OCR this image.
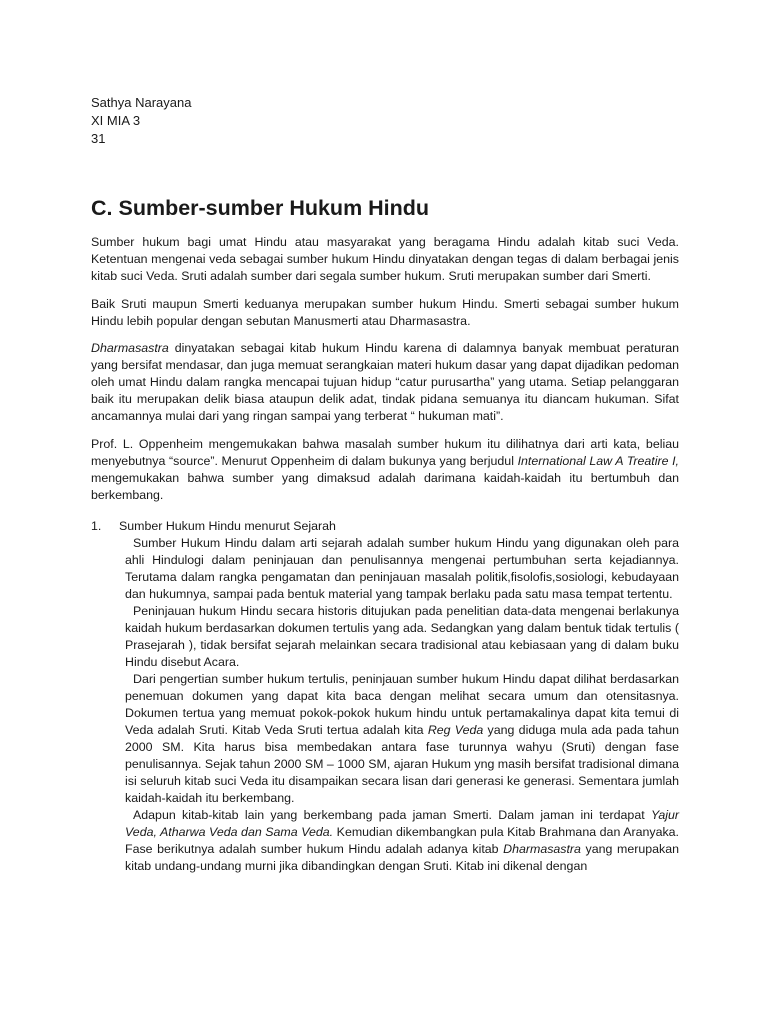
Sathya Narayana

XI MIA 3

31

C. Sumber-sumber Hukum Hindu

Sumber hukum bagi umat Hindu atau masyarakat yang beragama Hindu adalah kitab suci Veda. Ketentuan mengenai veda sebagai sumber hukum Hindu dinyatakan dengan tegas di dalam berbagai jenis kitab suci Veda. Sruti adalah sumber dari segala sumber hukum. Sruti merupakan sumber dari Smerti.

Baik Sruti maupun Smerti keduanya merupakan sumber hukum Hindu. Smerti sebagai sumber hukum Hindu lebih popular dengan sebutan Manusmerti atau Dharmasastra.

Dharmasastra dinyatakan sebagai kitab hukum Hindu karena di dalamnya banyak membuat peraturan yang bersifat mendasar, dan juga memuat serangkaian materi hukum dasar yang dapat dijadikan pedoman oleh umat Hindu dalam rangka mencapai tujuan hidup “catur purusartha” yang utama. Setiap pelanggaran baik itu merupakan delik biasa ataupun delik adat, tindak pidana semuanya itu diancam hukuman. Sifat ancamannya mulai dari yang ringan sampai yang terberat “ hukuman mati”.

Prof. L. Oppenheim mengemukakan bahwa masalah sumber hukum itu dilihatnya dari arti kata, beliau menyebutnya “source”. Menurut Oppenheim di dalam bukunya yang berjudul International Law A Treatire I, mengemukakan bahwa sumber yang dimaksud adalah darimana kaidah-kaidah itu bertumbuh dan berkembang.

1.	Sumber Hukum Hindu menurut Sejarah

Sumber Hukum Hindu dalam arti sejarah adalah sumber hukum Hindu yang digunakan oleh para ahli Hindulogi dalam peninjauan dan penulisannya mengenai pertumbuhan serta kejadiannya. Terutama dalam rangka pengamatan dan peninjauan masalah politik,fisolofis,sosiologi, kebudayaan dan hukumnya, sampai pada bentuk material yang tampak berlaku pada satu masa tempat tertentu.

Peninjauan hukum Hindu secara historis ditujukan pada penelitian data-data mengenai berlakunya kaidah hukum berdasarkan dokumen tertulis yang ada. Sedangkan yang dalam bentuk tidak tertulis ( Prasejarah ), tidak bersifat sejarah melainkan secara tradisional atau kebiasaan yang di dalam buku Hindu disebut Acara.

Dari pengertian sumber hukum tertulis, peninjauan sumber hukum Hindu dapat dilihat berdasarkan penemuan dokumen yang dapat kita baca dengan melihat secara umum dan otensitasnya. Dokumen tertua yang memuat pokok-pokok hukum hindu untuk pertamakalinya dapat kita temui di Veda adalah Sruti. Kitab Veda Sruti tertua adalah kita Reg Veda yang diduga mula ada pada tahun 2000 SM. Kita harus bisa membedakan antara fase turunnya wahyu (Sruti) dengan fase penulisannya. Sejak tahun 2000 SM – 1000 SM, ajaran Hukum yng masih bersifat tradisional dimana isi seluruh kitab suci Veda itu disampaikan secara lisan dari generasi ke generasi. Sementara jumlah kaidah-kaidah itu berkembang.

Adapun kitab-kitab lain yang berkembang pada jaman Smerti. Dalam jaman ini terdapat Yajur Veda, Atharwa Veda dan Sama Veda. Kemudian dikembangkan pula Kitab Brahmana dan Aranyaka. Fase berikutnya adalah sumber hukum Hindu adalah adanya kitab Dharmasastra yang merupakan kitab undang-undang murni jika dibandingkan dengan Sruti. Kitab ini dikenal dengan
